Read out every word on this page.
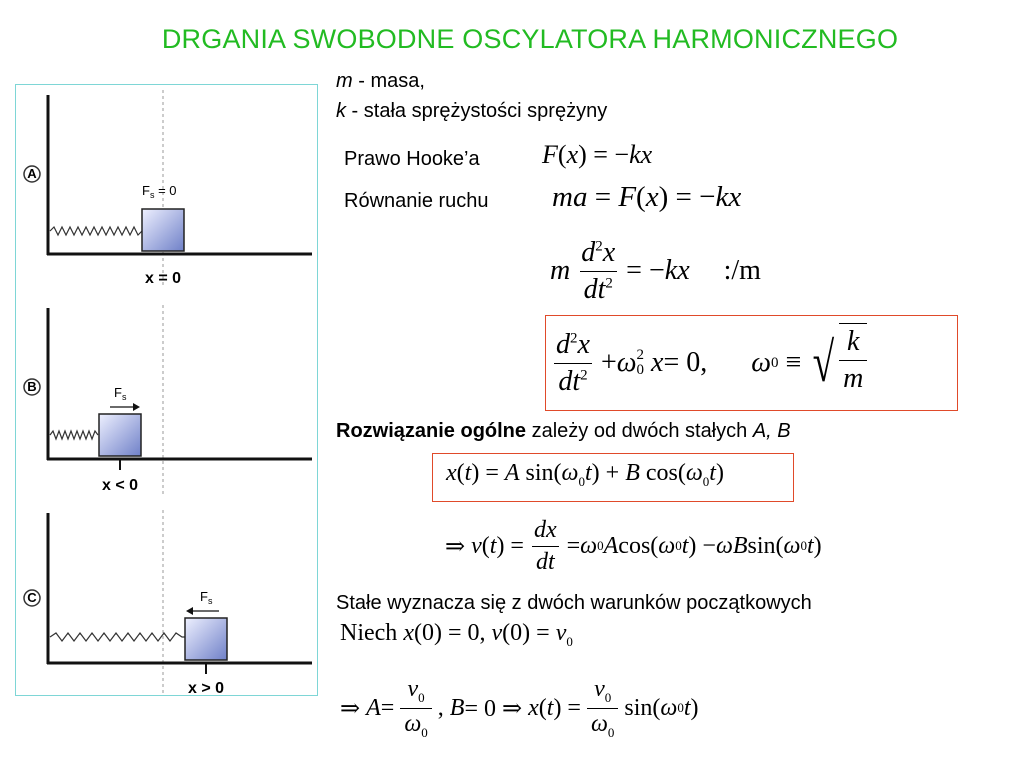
DRGANIA SWOBODNE OSCYLATORA HARMONICZNEGO
A
$F_s = 0$
x = 0
B	$F_s$
x < 0
C	$F_s$
x > 0
m - masa,
k - stała sprężystości sprężyny
Prawo Hooke’a F(x) = −kx
Równanie ruchu ma = F(x) = −kx
m
$\frac{d^2x}{dt^2}$ = − kx :/m
$\frac{d^2x}{dt^2} + \omega$ 2
0
x = 0, ω 0 ≡ √ $\frac{k}{m}$
Rozwiązanie ogólne zależy od dwóch stałych A, B
x(t) = A $\sin(\omega_0t) + B$ $\cos(\omega_0t)$
⇒ v ( t ) = $\frac{dx}{dt} = \omega$ 0 A cos( ω 0 t ) − ωB sin( ω 0 t )
Stałe wyznacza się z dwóch warunków początkowych
Niech x(0) = 0, $v(0) = v_0$
⇒ $A = \frac{v_0}{\omega_0}$ , B = 0 ⇒ x ( t ) = $\frac{v_0}{\omega_0} \sin$( ω 0 t )
